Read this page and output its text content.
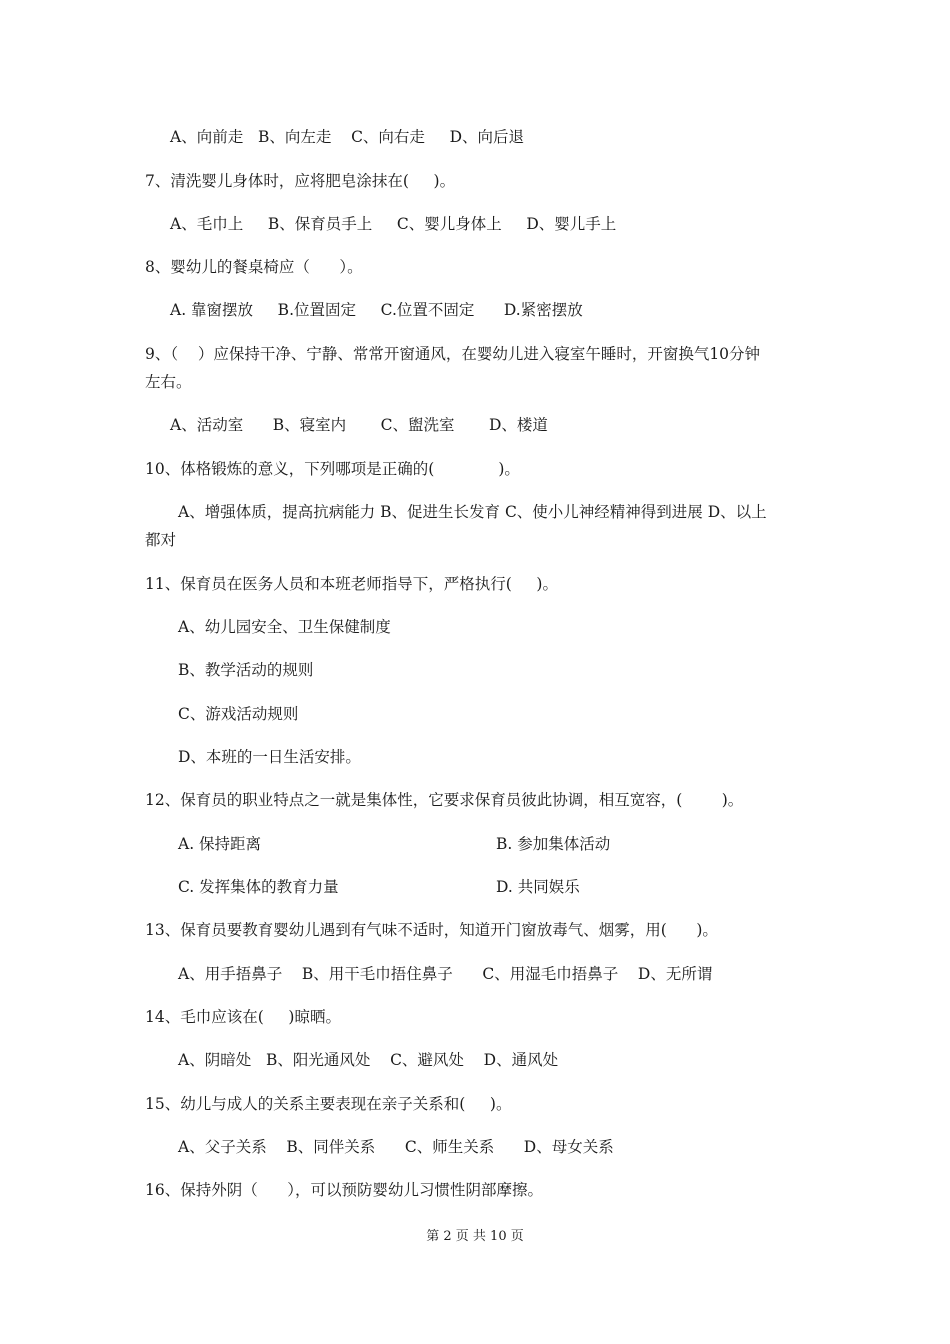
A、向前走   B、向左走    C、向右走     D、向后退
7、清洗婴儿身体时，应将肥皂涂抹在(     )。
A、毛巾上     B、保育员手上     C、婴儿身体上     D、婴儿手上
8、婴幼儿的餐桌椅应（      ）。
A. 靠窗摆放     B.位置固定     C.位置不固定      D.紧密摆放
9、（    ）应保持干净、宁静、常常开窗通风，在婴幼儿进入寝室午睡时，开窗换气10分钟
左右。
A、活动室      B、寝室内       C、盥洗室       D、楼道
10、体格锻炼的意义，下列哪项是正确的(             )。
A、增强体质，提高抗病能力 B、促进生长发育 C、使小儿神经精神得到进展 D、以上
都对
11、保育员在医务人员和本班老师指导下，严格执行(     )。
A、幼儿园安全、卫生保健制度
B、教学活动的规则
C、游戏活动规则
D、本班的一日生活安排。
12、保育员的职业特点之一就是集体性，它要求保育员彼此协调，相互宽容，(        )。
A. 保持距离	B. 参加集体活动
C. 发挥集体的教育力量	D. 共同娱乐
13、保育员要教育婴幼儿遇到有气味不适时，知道开门窗放毒气、烟雾，用(      )。
A、用手捂鼻子    B、用干毛巾捂住鼻子      C、用湿毛巾捂鼻子    D、无所谓
14、毛巾应该在(     )晾晒。
A、阴暗处   B、阳光通风处    C、避风处    D、通风处
15、幼儿与成人的关系主要表现在亲子关系和(     )。
A、父子关系    B、同伴关系      C、师生关系      D、母女关系
16、保持外阴（      ），可以预防婴幼儿习惯性阴部摩擦。
第 2 页 共 10 页
